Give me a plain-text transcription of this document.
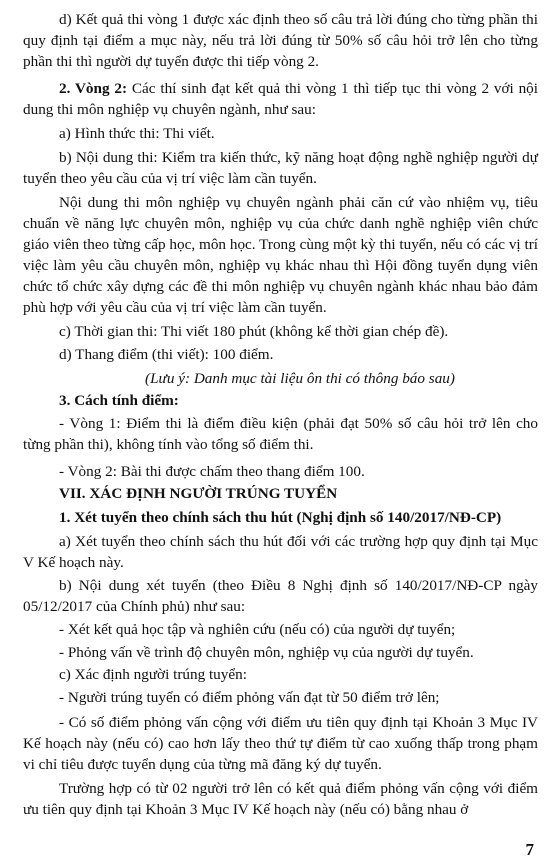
d) Kết quả thi vòng 1 được xác định theo số câu trả lời đúng cho từng phần thi quy định tại điểm a mục này, nếu trả lời đúng từ 50% số câu hỏi trở lên cho từng phần thi thì người dự tuyển được thi tiếp vòng 2.

2. Vòng 2: Các thí sinh đạt kết quả thi vòng 1 thì tiếp tục thi vòng 2 với nội dung thi môn nghiệp vụ chuyên ngành, như sau:

a) Hình thức thi: Thi viết.

b) Nội dung thi: Kiểm tra kiến thức, kỹ năng hoạt động nghề nghiệp người dự tuyển theo yêu cầu của vị trí việc làm cần tuyển.

Nội dung thi môn nghiệp vụ chuyên ngành phải căn cứ vào nhiệm vụ, tiêu chuẩn về năng lực chuyên môn, nghiệp vụ của chức danh nghề nghiệp viên chức giáo viên theo từng cấp học, môn học. Trong cùng một kỳ thi tuyển, nếu có các vị trí việc làm yêu cầu chuyên môn, nghiệp vụ khác nhau thì Hội đồng tuyển dụng viên chức tổ chức xây dựng các đề thi môn nghiệp vụ chuyên ngành khác nhau bảo đảm phù hợp với yêu cầu của vị trí việc làm cần tuyển.

c) Thời gian thi: Thi viết 180 phút (không kể thời gian chép đề).

d) Thang điểm (thi viết): 100 điểm.

(Lưu ý: Danh mục tài liệu ôn thi có thông báo sau)

3. Cách tính điểm:

- Vòng 1: Điểm thi là điểm điều kiện (phải đạt 50% số câu hỏi trở lên cho từng phần thi), không tính vào tổng số điểm thi.

- Vòng 2: Bài thi được chấm theo thang điểm 100.

VII. XÁC ĐỊNH NGƯỜI TRÚNG TUYỂN

1. Xét tuyển theo chính sách thu hút (Nghị định số 140/2017/NĐ-CP)

a) Xét tuyển theo chính sách thu hút đối với các trường hợp quy định tại Mục V Kế hoạch này.

b) Nội dung xét tuyển (theo Điều 8 Nghị định số 140/2017/NĐ-CP ngày 05/12/2017 của Chính phủ) như sau:

- Xét kết quả học tập và nghiên cứu (nếu có) của người dự tuyển;

- Phỏng vấn về trình độ chuyên môn, nghiệp vụ của người dự tuyển.

c) Xác định người trúng tuyển:

- Người trúng tuyển có điểm phỏng vấn đạt từ 50 điểm trở lên;

- Có số điểm phỏng vấn cộng với điểm ưu tiên quy định tại Khoản 3 Mục IV Kế hoạch này (nếu có) cao hơn lấy theo thứ tự điểm từ cao xuống thấp trong phạm vi chỉ tiêu được tuyển dụng của từng mã đăng ký dự tuyển.

Trường hợp có từ 02 người trở lên có kết quả điểm phỏng vấn cộng với điểm ưu tiên quy định tại Khoản 3 Mục IV Kế hoạch này (nếu có) bằng nhau ở

7
